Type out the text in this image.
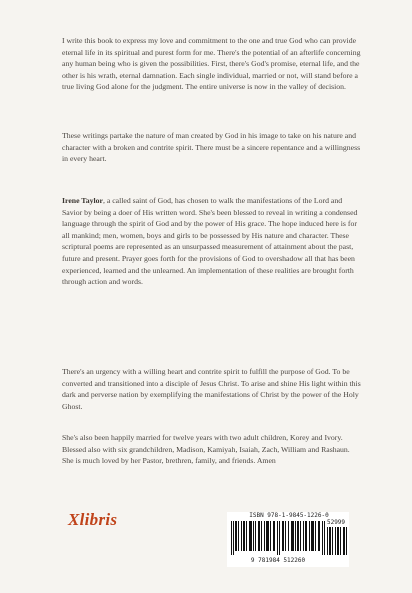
I write this book to express my love and commitment to the one and true God who can provide eternal life in its spiritual and purest form for me. There's the potential of an afterlife concerning any human being who is given the possibilities. First, there's God's promise, eternal life, and the other is his wrath, eternal damnation. Each single individual, married or not, will stand before a true living God alone for the judgment. The entire universe is now in the valley of decision.

These writings partake the nature of man created by God in his image to take on his nature and character with a broken and contrite spirit. There must be a sincere repentance and a willingness in every heart.

Irene Taylor, a called saint of God, has chosen to walk the manifestations of the Lord and Savior by being a doer of His written word. She's been blessed to reveal in writing a condensed language through the spirit of God and by the power of His grace. The hope induced here is for all mankind; men, women, boys and girls to be possessed by His nature and character. These scriptural poems are represented as an unsurpassed measurement of attainment about the past, future and present. Prayer goes forth for the provisions of God to overshadow all that has been experienced, learned and the unlearned. An implementation of these realities are brought forth through action and words.

There's an urgency with a willing heart and contrite spirit to fulfill the purpose of God. To be converted and transitioned into a disciple of Jesus Christ. To arise and shine His light within this dark and perverse nation by exemplifying the manifestations of Christ by the power of the Holy Ghost.

She's also been happily married for twelve years with two adult children, Korey and Ivory. Blessed also with six grandchildren, Madison, Kamiyah, Isaiah, Zach, William and Rashaun. She is much loved by her Pastor, brethren, family, and friends. Amen

Xlibris	ISBN 978-1-9845-1226-0
52999
9 781984 512260
